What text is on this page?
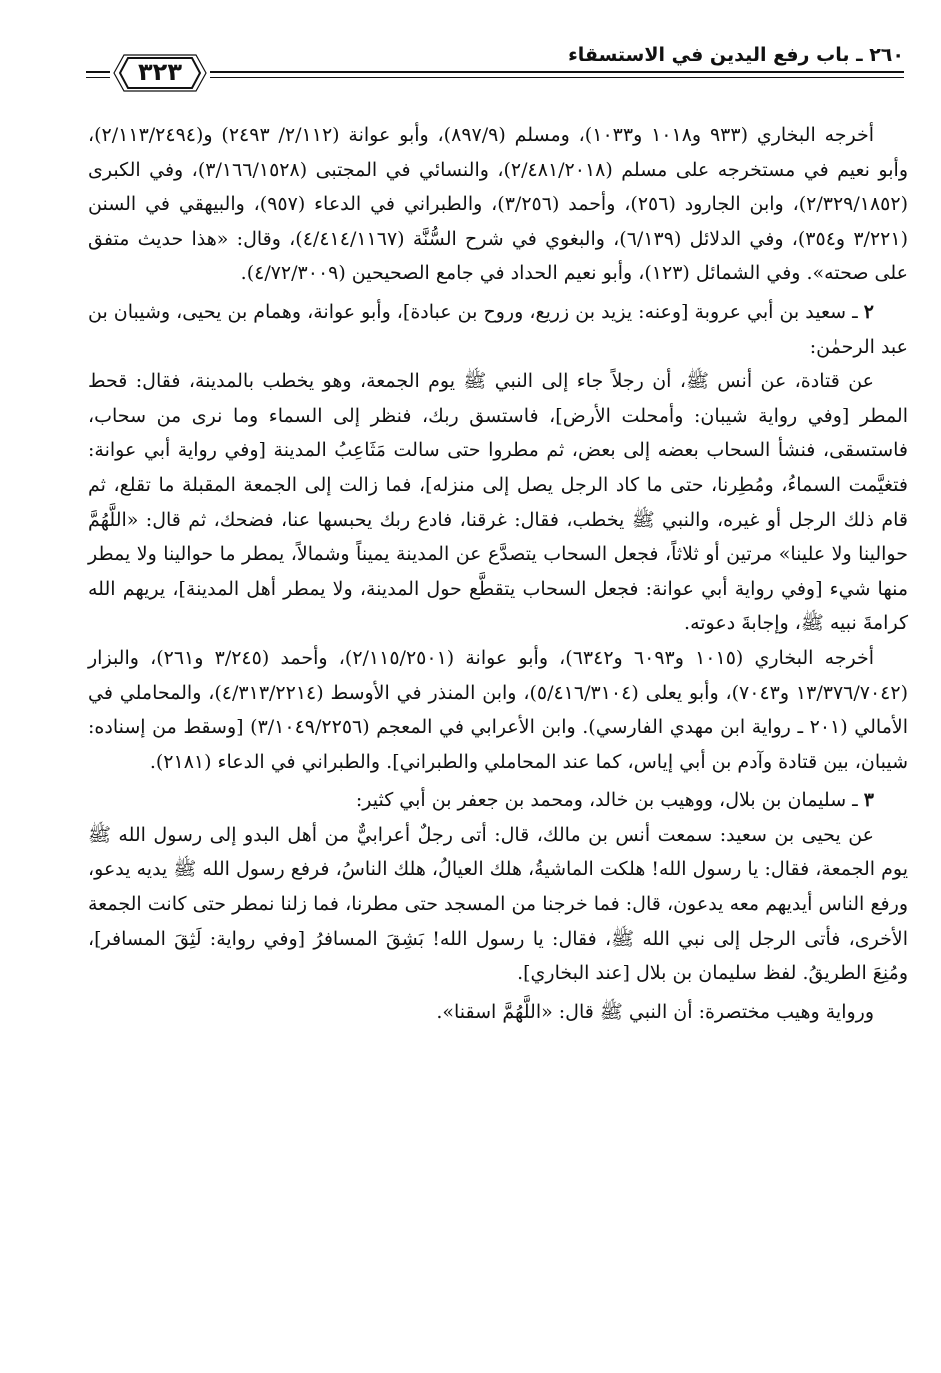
٣٢٣
٢٦٠ ـ باب رفع اليدين في الاستسقاء

أخرجه البخاري (٩٣٣ و١٠١٨ و١٠٣٣)، ومسلم (٨٩٧/٩)، وأبو عوانة (٢/١١٢/ ٢٤٩٣) و(٢/١١٣/٢٤٩٤)، وأبو نعيم في مستخرجه على مسلم (٢/٤٨١/٢٠١٨)، والنسائي في المجتبى (٣/١٦٦/١٥٢٨)، وفي الكبرى (٢/٣٢٩/١٨٥٢)، وابن الجارود (٢٥٦)، وأحمد (٣/٢٥٦)، والطبراني في الدعاء (٩٥٧)، والبيهقي في السنن (٣/٢٢١ و٣٥٤)، وفي الدلائل (٦/١٣٩)، والبغوي في شرح السُّنَّة (٤/٤١٤/١١٦٧)، وقال: «هذا حديث متفق على صحته». وفي الشمائل (١٢٣)، وأبو نعيم الحداد في جامع الصحيحين (٤/٧٢/٣٠٠٩).

٢ ـ سعيد بن أبي عروبة [وعنه: يزيد بن زريع، وروح بن عبادة]، وأبو عوانة، وهمام بن يحيى، وشيبان بن عبد الرحمٰن:

عن قتادة، عن أنس ﷺ، أن رجلاً جاء إلى النبي ﷺ يوم الجمعة، وهو يخطب بالمدينة، فقال: قحط المطر [وفي رواية شيبان: وأمحلت الأرض]، فاستسق ربك، فنظر إلى السماء وما نرى من سحاب، فاستسقى، فنشأ السحاب بعضه إلى بعض، ثم مطروا حتى سالت مَثَاعِبُ المدينة [وفي رواية أبي عوانة: فتغيَّمت السماءُ، ومُطِرنا، حتى ما كاد الرجل يصل إلى منزله]، فما زالت إلى الجمعة المقبلة ما تقلع، ثم قام ذلك الرجل أو غيره، والنبي ﷺ يخطب، فقال: غرقنا، فادع ربك يحبسها عنا، فضحك، ثم قال: «اللَّهُمَّ حوالينا ولا علينا» مرتين أو ثلاثاً، فجعل السحاب يتصدَّع عن المدينة يميناً وشمالاً، يمطر ما حوالينا ولا يمطر منها شيء [وفي رواية أبي عوانة: فجعل السحاب يتقطَّع حول المدينة، ولا يمطر أهل المدينة]، يريهم الله كرامةَ نبيه ﷺ، وإجابةَ دعوته.

أخرجه البخاري (١٠١٥ و٦٠٩٣ و٦٣٤٢)، وأبو عوانة (٢/١١٥/٢٥٠١)، وأحمد (٣/٢٤٥ و٢٦١)، والبزار (١٣/٣٧٦/٧٠٤٢ و٧٠٤٣)، وأبو يعلى (٥/٤١٦/٣١٠٤)، وابن المنذر في الأوسط (٤/٣١٣/٢٢١٤)، والمحاملي في الأمالي (٢٠١ ـ رواية ابن مهدي الفارسي). وابن الأعرابي في المعجم (٣/١٠٤٩/٢٢٥٦) [وسقط من إسناده: شيبان، بين قتادة وآدم بن أبي إياس، كما عند المحاملي والطبراني]. والطبراني في الدعاء (٢١٨١).

٣ ـ سليمان بن بلال، ووهيب بن خالد، ومحمد بن جعفر بن أبي كثير:

عن يحيى بن سعيد: سمعت أنس بن مالك، قال: أتى رجلٌ أعرابيٌّ من أهل البدو إلى رسول الله ﷺ يوم الجمعة، فقال: يا رسول الله! هلكت الماشيةُ، هلك العيالُ، هلك الناسُ، فرفع رسول الله ﷺ يديه يدعو، ورفع الناس أيديهم معه يدعون، قال: فما خرجنا من المسجد حتى مطرنا، فما زلنا نمطر حتى كانت الجمعة الأخرى، فأتى الرجل إلى نبي الله ﷺ، فقال: يا رسول الله! بَشِقَ المسافرُ [وفي رواية: لَثِقَ المسافر]، ومُنِعَ الطريقُ. لفظ سليمان بن بلال [عند البخاري].

ورواية وهيب مختصرة: أن النبي ﷺ قال: «اللَّهُمَّ اسقنا».
